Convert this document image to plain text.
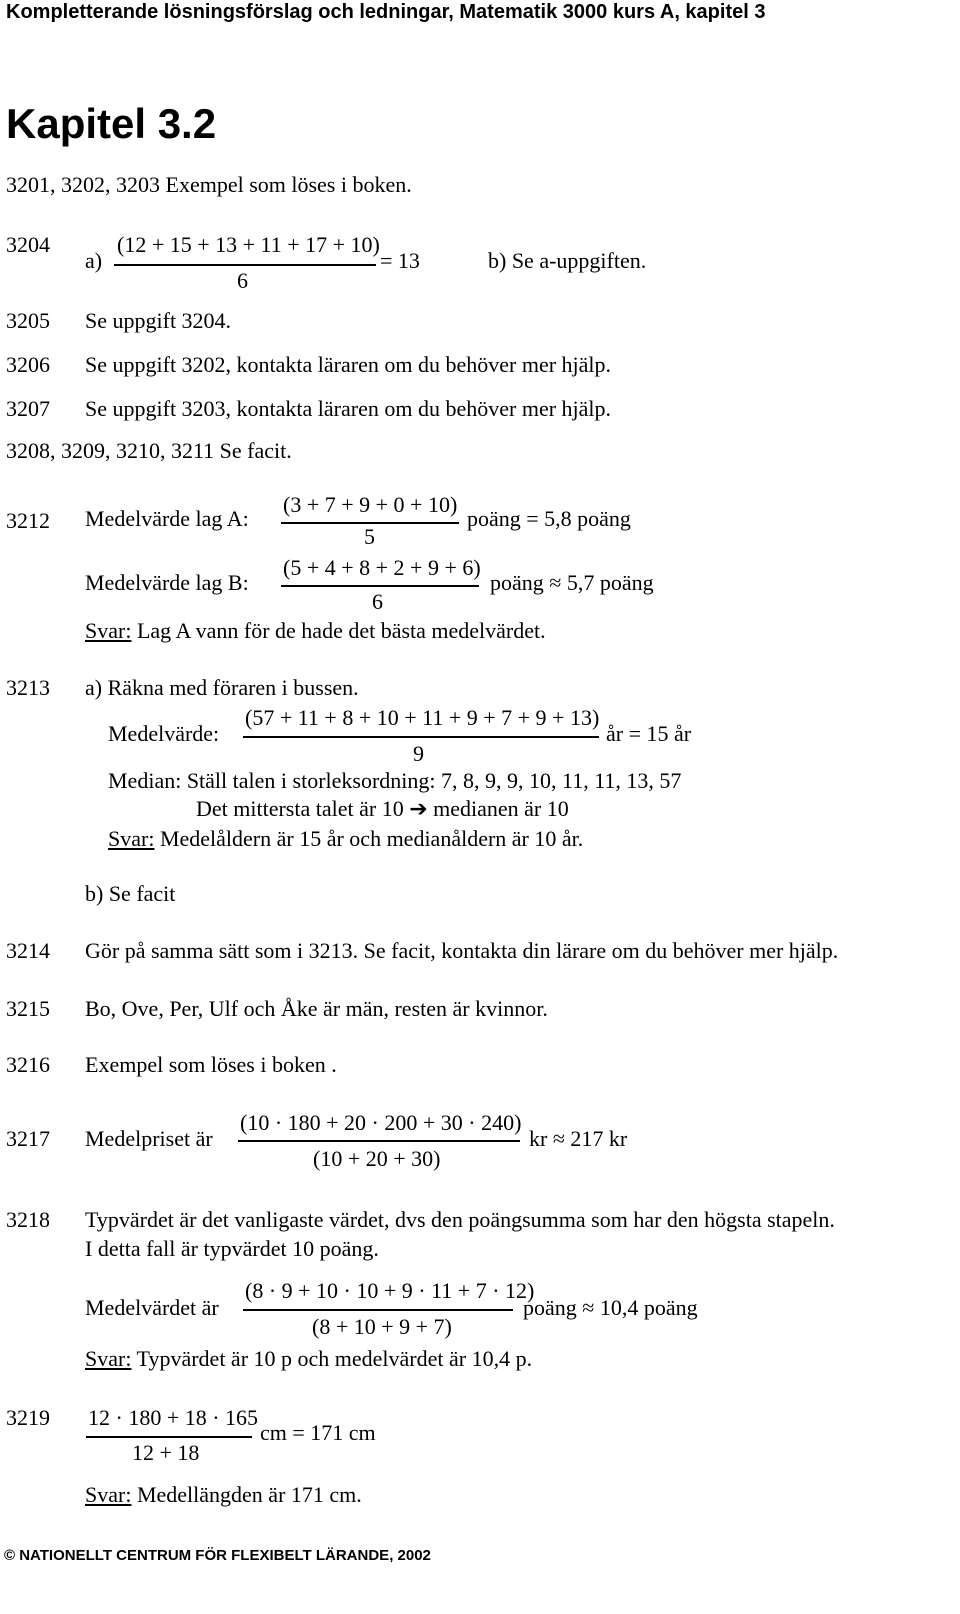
Kompletterande lösningsförslag och ledningar, Matematik 3000 kurs A, kapitel 3
Kapitel 3.2
3201, 3202, 3203 Exempel som löses i boken.
3204
a)
(12 + 15 + 13 + 11 + 17 + 10)
6
= 13	b) Se a-uppgiften.
3205 Se uppgift 3204.
3206 Se uppgift 3202, kontakta läraren om du behöver mer hjälp.
3207 Se uppgift 3203, kontakta läraren om du behöver mer hjälp.
3208, 3209, 3210, 3211 Se facit.
3212 Medelvärde lag A:
(3 + 7 + 9 + 0 + 10)
5
poäng = 5,8 poäng
Medelvärde lag B:
(5 + 4 + 8 + 2 + 9 + 6)
6
poäng ≈ 5,7 poäng
Svar: Lag A vann för de hade det bästa medelvärdet.
3213 a) Räkna med föraren i bussen.
Medelvärde:
(57 + 11 + 8 + 10 + 11 + 9 + 7 + 9 + 13)
9
år = 15 år
Median: Ställ talen i storleksordning: 7, 8, 9, 9, 10, 11, 11, 13, 57
Det mittersta talet är 10 ➔ medianen är 10
Svar: Medelåldern är 15 år och medianåldern är 10 år.
b) Se facit
3214 Gör på samma sätt som i 3213. Se facit, kontakta din lärare om du behöver mer hjälp.
3215 Bo, Ove, Per, Ulf och Åke är män, resten är kvinnor.
3216 Exempel som löses i boken .
3217 Medelpriset är
(10 · 180 + 20 · 200 + 30 · 240)
(10 + 20 + 30)
kr ≈ 217 kr
3218 Typvärdet är det vanligaste värdet, dvs den poängsumma som har den högsta stapeln.
I detta fall är typvärdet 10 poäng.
Medelvärdet är
(8 · 9 + 10 · 10 + 9 · 11 + 7 · 12)
(8 + 10 + 9 + 7)
poäng ≈ 10,4 poäng
Svar: Typvärdet är 10 p och medelvärdet är 10,4 p.
3219 12 · 180 + 18 · 165
12 + 18
cm = 171 cm
Svar: Medellängden är 171 cm.
© NATIONELLT CENTRUM FÖR FLEXIBELT LÄRANDE, 2002
